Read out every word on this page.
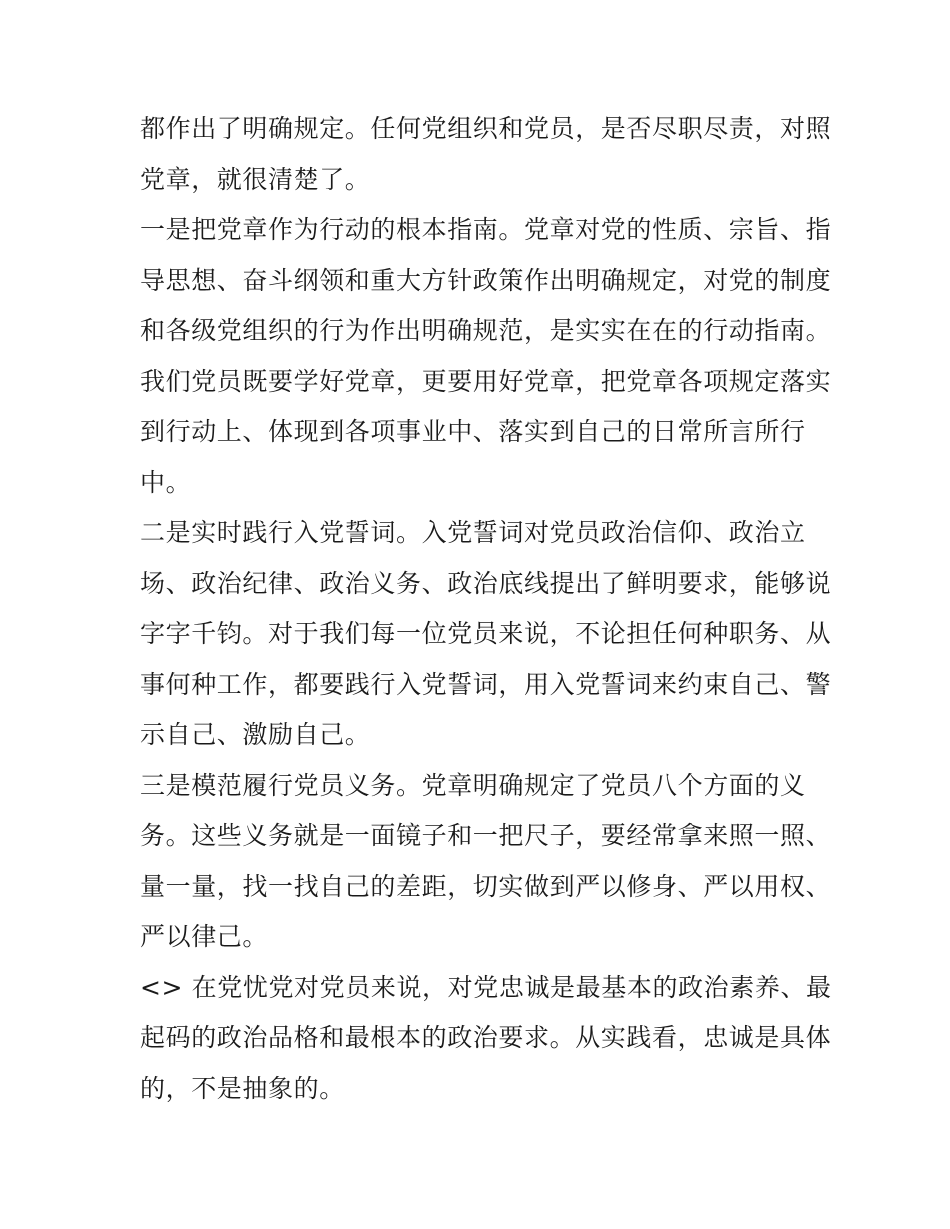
都作出了明确规定。任何党组织和党员，是否尽职尽责，对照
党章，就很清楚了。

一是把党章作为行动的根本指南。党章对党的性质、宗旨、指
导思想、奋斗纲领和重大方针政策作出明确规定，对党的制度
和各级党组织的行为作出明确规范，是实实在在的行动指南。
我们党员既要学好党章，更要用好党章，把党章各项规定落实
到行动上、体现到各项事业中、落实到自己的日常所言所行
中。

二是实时践行入党誓词。入党誓词对党员政治信仰、政治立
场、政治纪律、政治义务、政治底线提出了鲜明要求，能够说
字字千钧。对于我们每一位党员来说，不论担任何种职务、从
事何种工作，都要践行入党誓词，用入党誓词来约束自己、警
示自己、激励自己。

三是模范履行党员义务。党章明确规定了党员八个方面的义
务。这些义务就是一面镜子和一把尺子，要经常拿来照一照、
量一量，找一找自己的差距，切实做到严以修身、严以用权、
严以律己。

<> 在党忧党对党员来说，对党忠诚是最基本的政治素养、最
起码的政治品格和最根本的政治要求。从实践看，忠诚是具体
的，不是抽象的。
